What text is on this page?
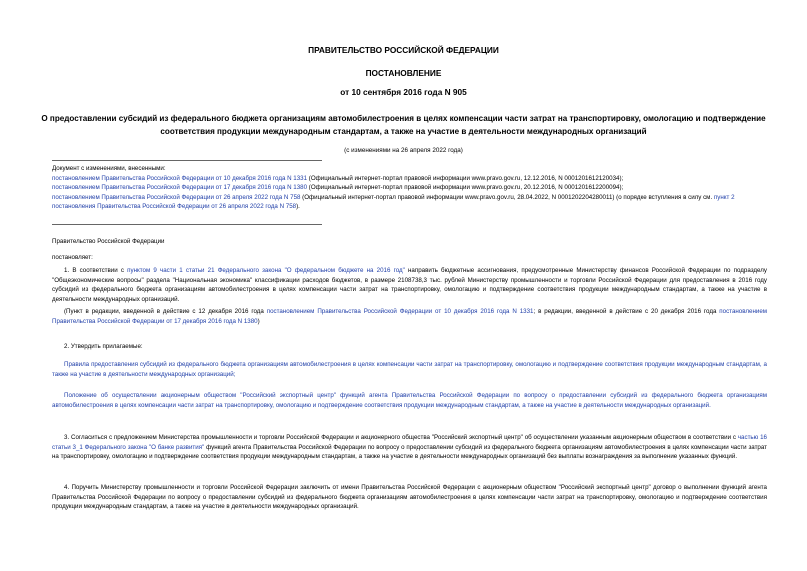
ПРАВИТЕЛЬСТВО РОССИЙСКОЙ ФЕДЕРАЦИИ
ПОСТАНОВЛЕНИЕ
от 10 сентября 2016 года N 905
О предоставлении субсидий из федерального бюджета организациям автомобилестроения в целях компенсации части затрат на транспортировку, омологацию и подтверждение соответствия продукции международным стандартам, а также на участие в деятельности международных организаций
(с изменениями на 26 апреля 2022 года)
Документ с изменениями, внесенными:
постановлением Правительства Российской Федерации от 10 декабря 2016 года N 1331 (Официальный интернет-портал правовой информации www.pravo.gov.ru, 12.12.2016, N 0001201612120034);
постановлением Правительства Российской Федерации от 17 декабря 2016 года N 1380 (Официальный интернет-портал правовой информации www.pravo.gov.ru, 20.12.2016, N 0001201612200094);
постановлением Правительства Российской Федерации от 26 апреля 2022 года N 758 (Официальный интернет-портал правовой информации www.pravo.gov.ru, 28.04.2022, N 0001202204280011) (о порядке вступления в силу см. пункт 2 постановления Правительства Российской Федерации от 26 апреля 2022 года N 758).
Правительство Российской Федерации
постановляет:
1. В соответствии с пунктом 9 части 1 статьи 21 Федерального закона "О федеральном бюджете на 2016 год" направить бюджетные ассигнования, предусмотренные Министерству финансов Российской Федерации по подразделу "Общеэкономические вопросы" раздела "Национальная экономика" классификации расходов бюджетов, в размере 2108738,3 тыс. рублей Министерству промышленности и торговли Российской Федерации для предоставления в 2016 году субсидий из федерального бюджета организациям автомобилестроения в целях компенсации части затрат на транспортировку, омологацию и подтверждение соответствия продукции международным стандартам, а также на участие в деятельности международных организаций.
(Пункт в редакции, введенной в действие с 12 декабря 2016 года постановлением Правительства Российской Федерации от 10 декабря 2016 года N 1331; в редакции, введенной в действие с 20 декабря 2016 года постановлением Правительства Российской Федерации от 17 декабря 2016 года N 1380)
2. Утвердить прилагаемые:
Правила предоставления субсидий из федерального бюджета организациям автомобилестроения в целях компенсации части затрат на транспортировку, омологацию и подтверждение соответствия продукции международным стандартам, а также на участие в деятельности международных организаций;
Положение об осуществлении акционерным обществом "Российский экспортный центр" функций агента Правительства Российской Федерации по вопросу о предоставлении субсидий из федерального бюджета организациям автомобилестроения в целях компенсации части затрат на транспортировку, омологацию и подтверждение соответствия продукции международным стандартам, а также на участие в деятельности международных организаций.
3. Согласиться с предложением Министерства промышленности и торговли Российской Федерации и акционерного общества "Российский экспортный центр" об осуществлении указанным акционерным обществом в соответствии с частью 16 статьи 3_1 Федерального закона "О банке развития" функций агента Правительства Российской Федерации по вопросу о предоставлении субсидий из федерального бюджета организациям автомобилестроения в целях компенсации части затрат на транспортировку, омологацию и подтверждение соответствия продукции международным стандартам, а также на участие в деятельности международных организаций без выплаты вознаграждения за выполнение указанных функций.
4. Поручить Министерству промышленности и торговли Российской Федерации заключить от имени Правительства Российской Федерации с акционерным обществом "Российский экспортный центр" договор о выполнении функций агента Правительства Российской Федерации по вопросу о предоставлении субсидий из федерального бюджета организациям автомобилестроения в целях компенсации части затрат на транспортировку, омологацию и подтверждение соответствия продукции международным стандартам, а также на участие в деятельности международных организаций.
